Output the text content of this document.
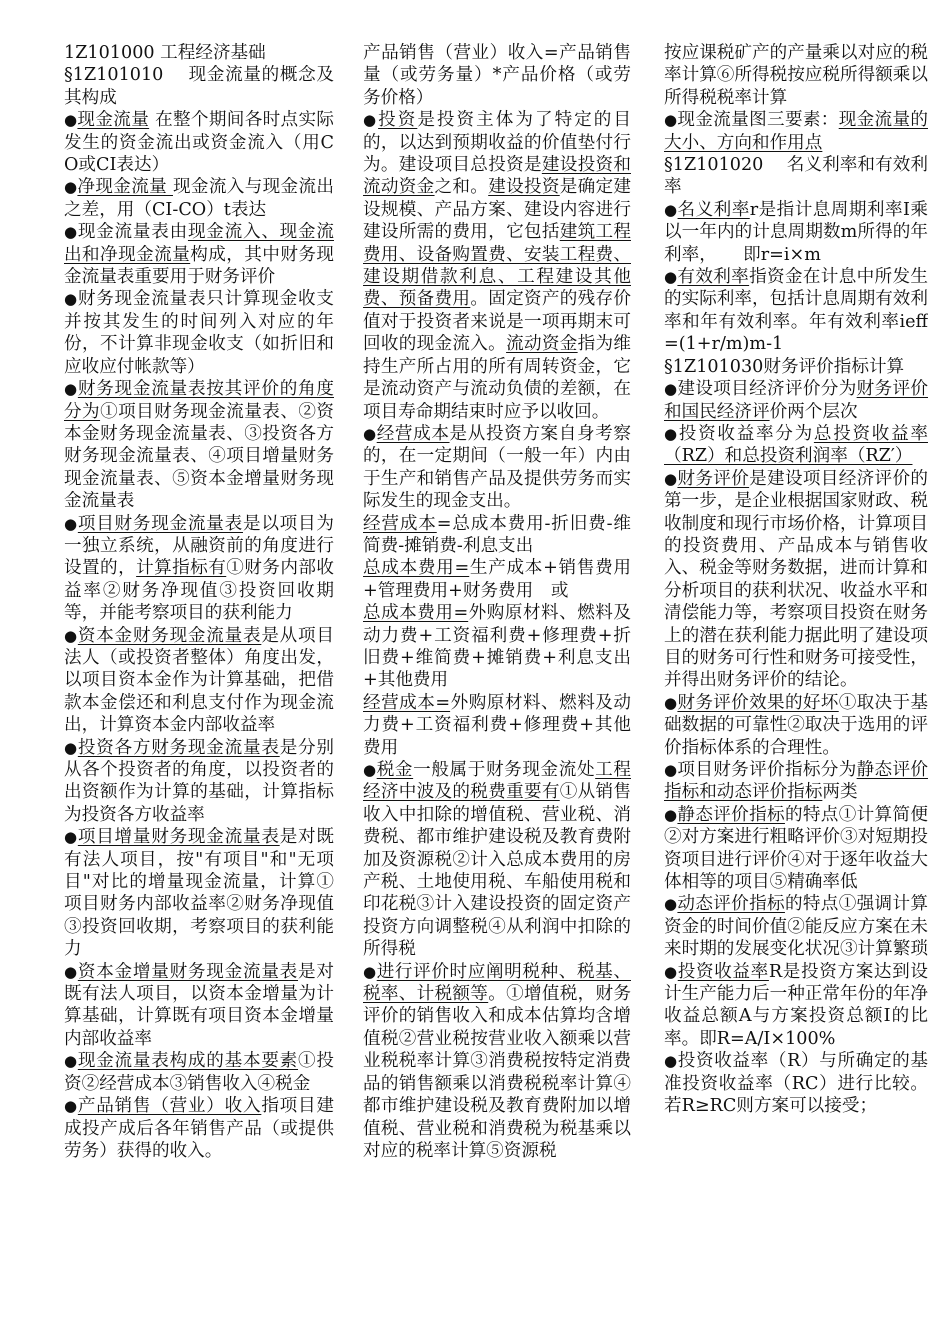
1Z101000 工程经济基础
§1Z101010　 现金流量的概念及其构成
●现金流量 在整个期间各时点实际发生的资金流出或资金流入（用CO或CI表达）
●净现金流量 现金流入与现金流出之差，用（CI-CO）t表达
●现金流量表由现金流入、现金流出和净现金流量构成，其中财务现金流量表重要用于财务评价
●财务现金流量表只计算现金收支并按其发生的时间列入对应的年份，不计算非现金收支（如折旧和应收应付帐款等）
●财务现金流量表按其评价的角度分为①项目财务现金流量表、②资本金财务现金流量表、③投资各方财务现金流量表、④项目增量财务现金流量表、⑤资本金增量财务现金流量表
●项目财务现金流量表是以项目为一独立系统，从融资前的角度进行设置的，计算指标有①财务内部收益率②财务净现值③投资回收期等，并能考察项目的获利能力
●资本金财务现金流量表是从项目法人（或投资者整体）角度出发，以项目资本金作为计算基础，把借款本金偿还和利息支付作为现金流出，计算资本金内部收益率
●投资各方财务现金流量表是分别从各个投资者的角度，以投资者的出资额作为计算的基础，计算指标为投资各方收益率
●项目增量财务现金流量表是对既有法人项目，按"有项目"和"无项目"对比的增量现金流量，计算①项目财务内部收益率②财务净现值③投资回收期，考察项目的获利能力
●资本金增量财务现金流量表是对既有法人项目，以资本金增量为计算基础，计算既有项目资本金增量内部收益率
●现金流量表构成的基本要素①投资②经营成本③销售收入④税金
●产品销售（营业）收入指项目建成投产成后各年销售产品（或提供劳务）获得的收入。
产品销售（营业）收入=产品销售量（或劳务量）*产品价格（或劳务价格）
●投资是投资主体为了特定的目的，以达到预期收益的价值垫付行为。建设项目总投资是建设投资和流动资金之和。建设投资是确定建设规模、产品方案、建设内容进行建设所需的费用，它包括建筑工程费用、设备购置费、安装工程费、建设期借款利息、工程建设其他费、预备费用。固定资产的残存价值对于投资者来说是一项再期末可回收的现金流入。流动资金指为维持生产所占用的所有周转资金，它是流动资产与流动负债的差额，在项目寿命期结束时应予以收回。
●经营成本是从投资方案自身考察的，在一定期间（一般一年）内由于生产和销售产品及提供劳务而实际发生的现金支出。
经营成本=总成本费用-折旧费-维简费-摊销费-利息支出
总成本费用=生产成本+销售费用+管理费用+财务费用　或
总成本费用=外购原材料、燃料及动力费+工资福利费+修理费+折旧费+维简费+摊销费+利息支出+其他费用
经营成本=外购原材料、燃料及动力费+工资福利费+修理费+其他费用
●税金一般属于财务现金流处工程经济中波及的税费重要有①从销售收入中扣除的增值税、营业税、消费税、都市维护建设税及教育费附加及资源税②计入总成本费用的房产税、土地使用税、车船使用税和印花税③计入建设投资的固定资产投资方向调整税④从利润中扣除的所得税
●进行评价时应阐明税种、税基、税率、计税额等。①增值税，财务评价的销售收入和成本估算均含增值税②营业税按营业收入额乘以营业税税率计算③消费税按特定消费品的销售额乘以消费税税率计算④都市维护建设税及教育费附加以增值税、营业税和消费税为税基乘以对应的税率计算⑤资源税
按应课税矿产的产量乘以对应的税率计算⑥所得税按应税所得额乘以所得税税率计算
●现金流量图三要素：现金流量的大小、方向和作用点
§1Z101020　 名义利率和有效利率
●名义利率r是指计息周期利率I乘以一年内的计息周期数m所得的年利率，　　即r=i×m
●有效利率指资金在计息中所发生的实际利率，包括计息周期有效利率和年有效利率。年有效利率ieff=(1+r/m)m-1
§1Z101030财务评价指标计算
●建设项目经济评价分为财务评价和国民经济评价两个层次
●投资收益率分为总投资收益率（RZ）和总投资利润率（RZ′）
●财务评价是建设项目经济评价的第一步，是企业根据国家财政、税收制度和现行市场价格，计算项目的投资费用、产品成本与销售收入、税金等财务数据，进而计算和分析项目的获利状况、收益水平和清偿能力等，考察项目投资在财务上的潜在获利能力据此明了建设项目的财务可行性和财务可接受性，并得出财务评价的结论。
●财务评价效果的好坏①取决于基础数据的可靠性②取决于选用的评价指标体系的合理性。
●项目财务评价指标分为静态评价指标和动态评价指标两类
●静态评价指标的特点①计算简便②对方案进行粗略评价③对短期投资项目进行评价④对于逐年收益大体相等的项目⑤精确率低
●动态评价指标的特点①强调计算资金的时间价值②能反应方案在未来时期的发展变化状况③计算繁琐
●投资收益率R是投资方案达到设计生产能力后一种正常年份的年净收益总额A与方案投资总额I的比率。即R=A/I×100%
●投资收益率（R）与所确定的基准投资收益率（RC）进行比较。若R≥RC则方案可以接受；
